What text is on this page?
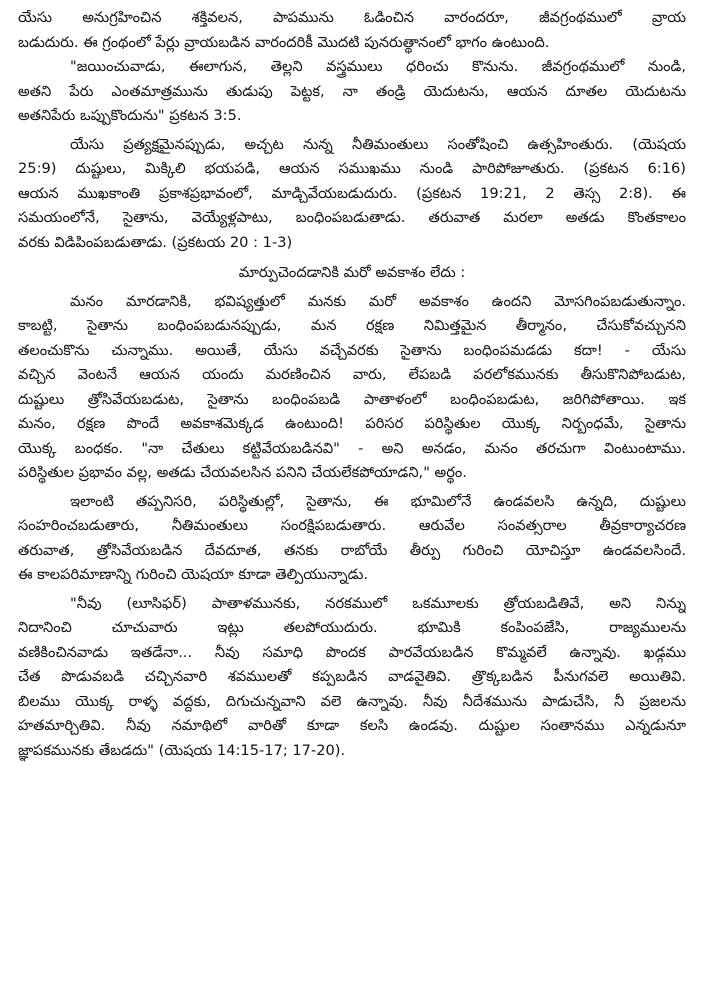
యేసు అనుగ్రహించిన శక్తివలన, పాపమును ఓడించిన వారందరూ, జీవగ్రంథములో వ్రాయ
బడుదురు. ఈ గ్రంథంలో పేర్లు వ్రాయబడిన వారందరికీ మొదటి పునరుత్థానంలో భాగం ఉంటుంది.
"జయించువాడు, ఈలాగున, తెల్లని వస్త్రములు ధరించు కొనును. జీవగ్రంథములో నుండి,
అతని పేరు ఎంతమాత్రమును తుడుపు పెట్టక, నా తండ్రి యెదుటను, ఆయన దూతల యెదుటను
అతనిపేరు ఒప్పుకొందును" ప్రకటన 3:5.
యేసు ప్రత్యక్షమైనప్పుడు, అచ్చట నున్న నీతిమంతులు సంతోషించి ఉత్సహింతురు. (యెషయ
25:9) దుష్టులు, మిక్కిలి భయపడి, ఆయన సముఖము నుండి పారిపోజూతురు. (ప్రకటన 6:16)
ఆయన ముఖకాంతి ప్రకాశప్రభావంలో, మాడ్చివేయబడుదురు. (ప్రకటన 19:21, 2 తెస్స 2:8). ఈ
సమయంలోనే, సైతాను, వెయ్యేళ్లపాటు, బంధింపబడుతాడు. తరువాత మరలా అతడు కొంతకాలం
వరకు విడిపింపబడుతాడు. (ప్రకటయ 20 : 1-3)
మార్పుచెందడానికి మరో అవకాశం లేదు :
మనం మారడానికి, భవిష్యత్తులో మనకు మరో అవకాశం ఉందని మోసగింపబడుతున్నాం.
కాబట్టి, సైతాను బంధింపబడునప్పుడు, మన రక్షణ నిమిత్తమైన తీర్మానం, చేసుకోవచ్చునని
తలంచుకొను చున్నాము. అయితే, యేసు వచ్చేవరకు సైతాను బంధింపమడడు కదా! - యేసు
వచ్చిన వెంటనే ఆయన యందు మరణించిన వారు, లేపబడి పరలోకమునకు తీసుకొనిపోబడుట,
దుష్టులు త్రోసివేయబడుట, సైతాను బంధింపబడి పాతాళంలో బంధింపబడుట, జరిగిపోతాయి. ఇక
మనం, రక్షణ పొందే అవకాశమెక్కడ ఉంటుంది! పరిసర పరిస్థితుల యొక్క నిర్బంధమే, సైతాను
యొక్క బంధకం. "నా చేతులు కట్టివేయబడినవి" - అని అనడం, మనం తరచుగా వింటుంటాము.
పరిస్థితుల ప్రభావం వల్ల, అతడు చేయవలసిన పనిని చేయలేకపోయాడని," అర్థం.
ఇలాంటి తప్పనిసరి, పరిస్థితుల్లో, సైతాను, ఈ భూమిలోనే ఉండవలసి ఉన్నది, దుష్టులు
సంహరించబడుతారు, నీతిమంతులు సంరక్షిపబడుతారు. ఆరువేల సంవత్సరాల తీవ్రకార్యాచరణ
తరువాత, త్రోసివేయబడిన దేవదూత, తనకు రాబోయే తీర్పు గురించి యోచిస్తూ ఉండవలసిందే.
ఈ కాలపరిమాణాన్ని గురించి యెషయా కూడా తెల్పియున్నాడు.
"నీవు (లూసిఫర్) పాతాళమునకు, నరకములో ఒకమూలకు త్రోయబడితివే, అని నిన్ను
నిదానించి చూచువారు ఇట్లు తలపోయుదురు. భూమికి కంపింపజేసి, రాజ్యములను
వణికించినవాడు ఇతడేనా... నీవు సమాధి పొందక పారవేయబడిన కొమ్మవలే ఉన్నావు. ఖడ్గము
చేత పొడువబడి చచ్చినవారి శవములతో కప్పబడిన వాడవైతివి. త్రొక్కబడిన పీనుగవలె అయితివి.
బిలము యొక్క రాళ్ళ వద్దకు, దిగుచున్నవాని వలె ఉన్నావు. నీవు నీదేశమును పాడుచేసి, నీ ప్రజలను
హతమార్చితివి. నీవు నమాథిలో వారితో కూడా కలసి ఉండవు. దుష్టుల సంతానము ఎన్నడునూ
జ్ఞాపకమునకు తేబడదు" (యెషయ 14:15-17; 17-20).
